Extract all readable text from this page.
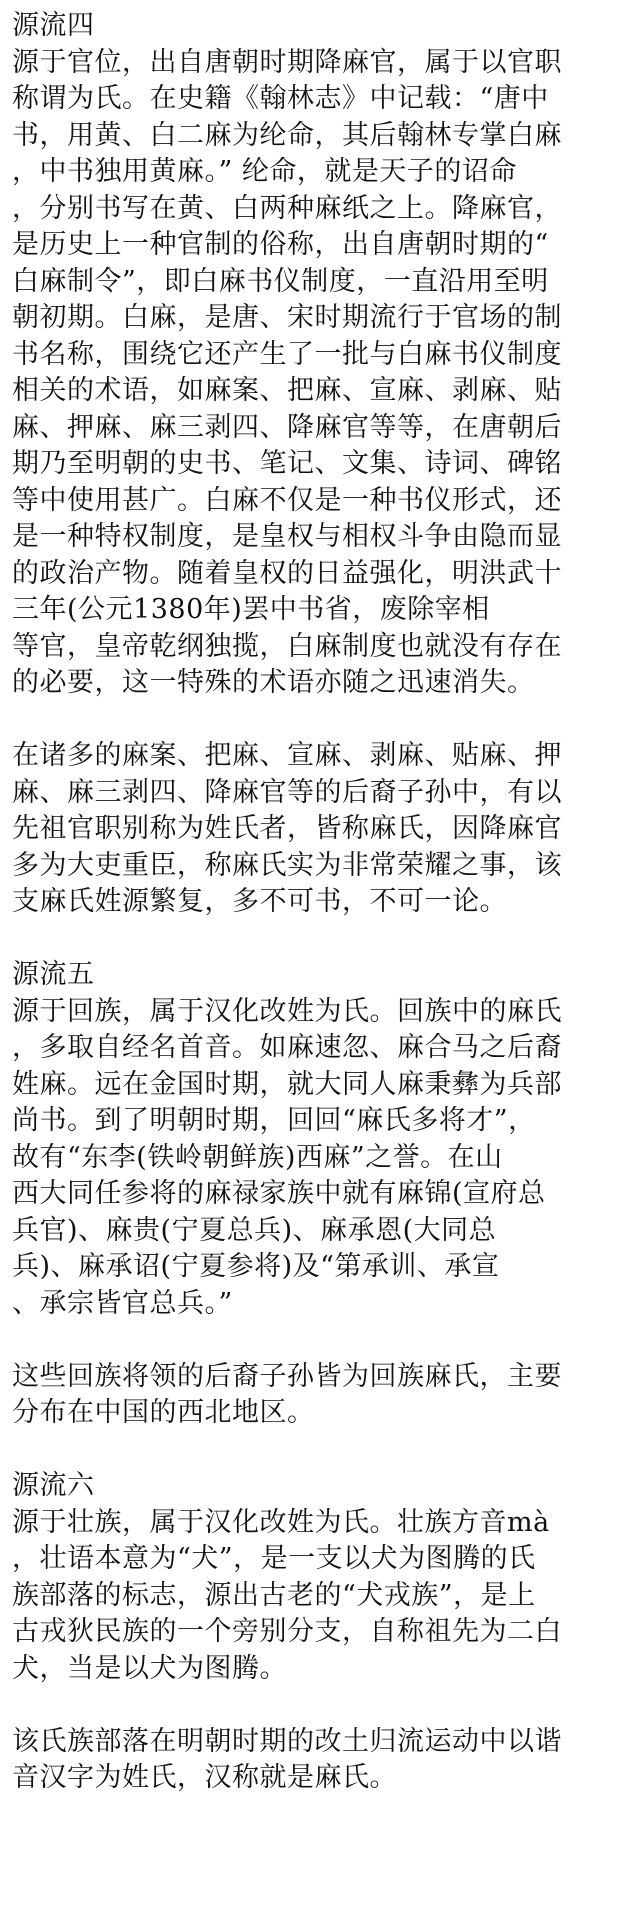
源流四
源于官位，出自唐朝时期降麻官，属于以官职
称谓为氏。在史籍《翰林志》中记载：“唐中
书，用黄、白二麻为纶命，其后翰林专掌白麻
，中书独用黄麻。” 纶命，就是天子的诏命
，分别书写在黄、白两种麻纸之上。降麻官，
是历史上一种官制的俗称，出自唐朝时期的“
白麻制令”，即白麻书仪制度，一直沿用至明
朝初期。白麻，是唐、宋时期流行于官场的制
书名称，围绕它还产生了一批与白麻书仪制度
相关的术语，如麻案、把麻、宣麻、剥麻、贴
麻、押麻、麻三剥四、降麻官等等，在唐朝后
期乃至明朝的史书、笔记、文集、诗词、碑铭
等中使用甚广。白麻不仅是一种书仪形式，还
是一种特权制度，是皇权与相权斗争由隐而显
的政治产物。随着皇权的日益强化，明洪武十
三年(公元1380年)罢中书省，废除宰相
等官，皇帝乾纲独揽，白麻制度也就没有存在
的必要，这一特殊的术语亦随之迅速消失。
在诸多的麻案、把麻、宣麻、剥麻、贴麻、押
麻、麻三剥四、降麻官等的后裔子孙中，有以
先祖官职别称为姓氏者，皆称麻氏，因降麻官
多为大吏重臣，称麻氏实为非常荣耀之事，该
支麻氏姓源繁复，多不可书，不可一论。
源流五
源于回族，属于汉化改姓为氏。回族中的麻氏
，多取自经名首音。如麻速忽、麻合马之后裔
姓麻。远在金国时期，就大同人麻秉彝为兵部
尚书。到了明朝时期，回回“麻氏多将才”，
故有“东李(铁岭朝鲜族)西麻”之誉。在山
西大同任参将的麻禄家族中就有麻锦(宣府总
兵官)、麻贵(宁夏总兵)、麻承恩(大同总
兵)、麻承诏(宁夏参将)及“第承训、承宣
、承宗皆官总兵。”
这些回族将领的后裔子孙皆为回族麻氏，主要
分布在中国的西北地区。
源流六
源于壮族，属于汉化改姓为氏。壮族方音mà
，壮语本意为“犬”，是一支以犬为图腾的氏
族部落的标志，源出古老的“犬戎族”，是上
古戎狄民族的一个旁别分支，自称祖先为二白
犬，当是以犬为图腾。
该氏族部落在明朝时期的改土归流运动中以谐
音汉字为姓氏，汉称就是麻氏。
